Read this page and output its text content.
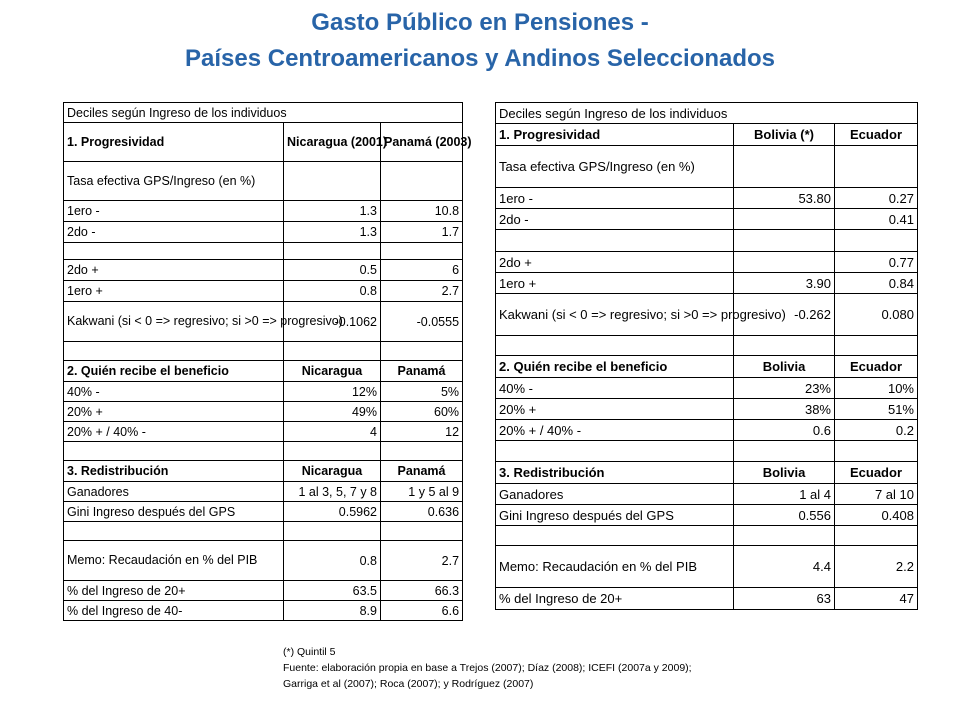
Gasto Público en Pensiones -
Países Centroamericanos y Andinos Seleccionados
Deciles según Ingreso de los individuos		
1. Progresividad	Nicaragua (2001)	Panamá (2003)
Tasa efectiva GPS/Ingreso (en %)		
1ero -	1.3	10.8
2do -	1.3	1.7

2do +	0.5	6
1ero +	0.8	2.7
Kakwani (si < 0 => regresivo; si >0 => progresivo)	-0.1062	-0.0555

2. Quién recibe el beneficio	Nicaragua	Panamá
40% -	12%	5%
20% +	49%	60%
20% + / 40% -	4	12

3. Redistribución	Nicaragua	Panamá
Ganadores	1 al 3, 5, 7 y 8	1 y 5 al 9
Gini Ingreso después del GPS	0.5962	0.636

Memo: Recaudación en % del PIB	0.8	2.7
% del Ingreso de 20+	63.5	66.3
% del Ingreso de 40-	8.9	6.6
Deciles según Ingreso de los individuos		
1. Progresividad	Bolivia (*)	Ecuador
Tasa efectiva GPS/Ingreso (en %)		
1ero -	53.80	0.27
2do -		0.41

2do +		0.77
1ero +	3.90	0.84
Kakwani (si < 0 => regresivo; si >0 => progresivo)	-0.262	0.080

2. Quién recibe el beneficio	Bolivia	Ecuador
40% -	23%	10%
20% +	38%	51%
20% + / 40% -	0.6	0.2

3. Redistribución	Bolivia	Ecuador
Ganadores	1 al 4	7 al 10
Gini Ingreso después del GPS	0.556	0.408

Memo: Recaudación en % del PIB	4.4	2.2
% del Ingreso de 20+	63	47
(*) Quintil 5
Fuente: elaboración propia en base a Trejos (2007); Díaz (2008); ICEFI (2007a y 2009);
Garriga et al (2007); Roca (2007); y Rodríguez (2007)
